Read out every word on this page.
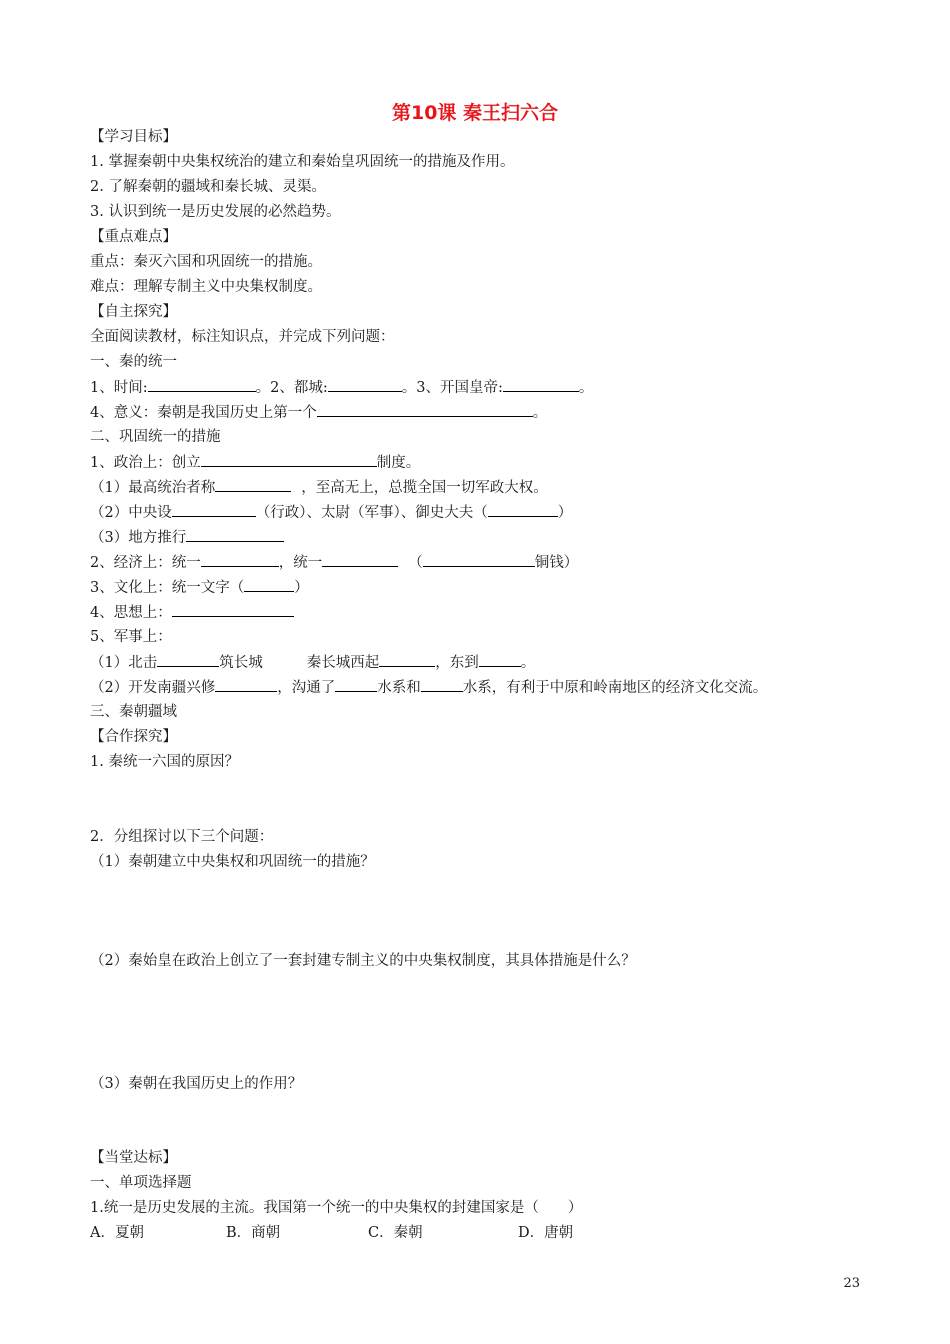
第10课 秦王扫六合
【学习目标】
1. 掌握秦朝中央集权统治的建立和秦始皇巩固统一的措施及作用。
2. 了解秦朝的疆域和秦长城、灵渠。
3. 认识到统一是历史发展的必然趋势。
【重点难点】
重点：秦灭六国和巩固统一的措施。
难点：理解专制主义中央集权制度。
【自主探究】
全面阅读教材，标注知识点，并完成下列问题：
一、秦的统一
1、时间:	。2、都城:	。3、开国皇帝:	。
4、意义：秦朝是我国历史上第一个	。
二、巩固统一的措施
1、政治上：创立	制度。
（1）最高统治者称	，至高无上，总揽全国一切军政大权。
（2）中央设	（行政）、太尉（军事）、御史大夫（	）
（3）地方推行
2、经济上：统一	，统一	（	铜钱）
3、文化上：统一文字（	）
4、思想上：
5、军事上：
（1）北击	筑长城	秦长城西起	，东到	。
（2）开发南疆兴修	，沟通了	水系和	水系，有利于中原和岭南地区的经济文化交流。
三、秦朝疆域
【合作探究】
1. 秦统一六国的原因？
2．分组探讨以下三个问题：
（1）秦朝建立中央集权和巩固统一的措施？
（2）秦始皇在政治上创立了一套封建专制主义的中央集权制度，其具体措施是什么？
（3）秦朝在我国历史上的作用？
【当堂达标】
一、单项选择题
1.统一是历史发展的主流。我国第一个统一的中央集权的封建国家是（　　）
A．夏朝	B．商朝	C．秦朝	D．唐朝
23
